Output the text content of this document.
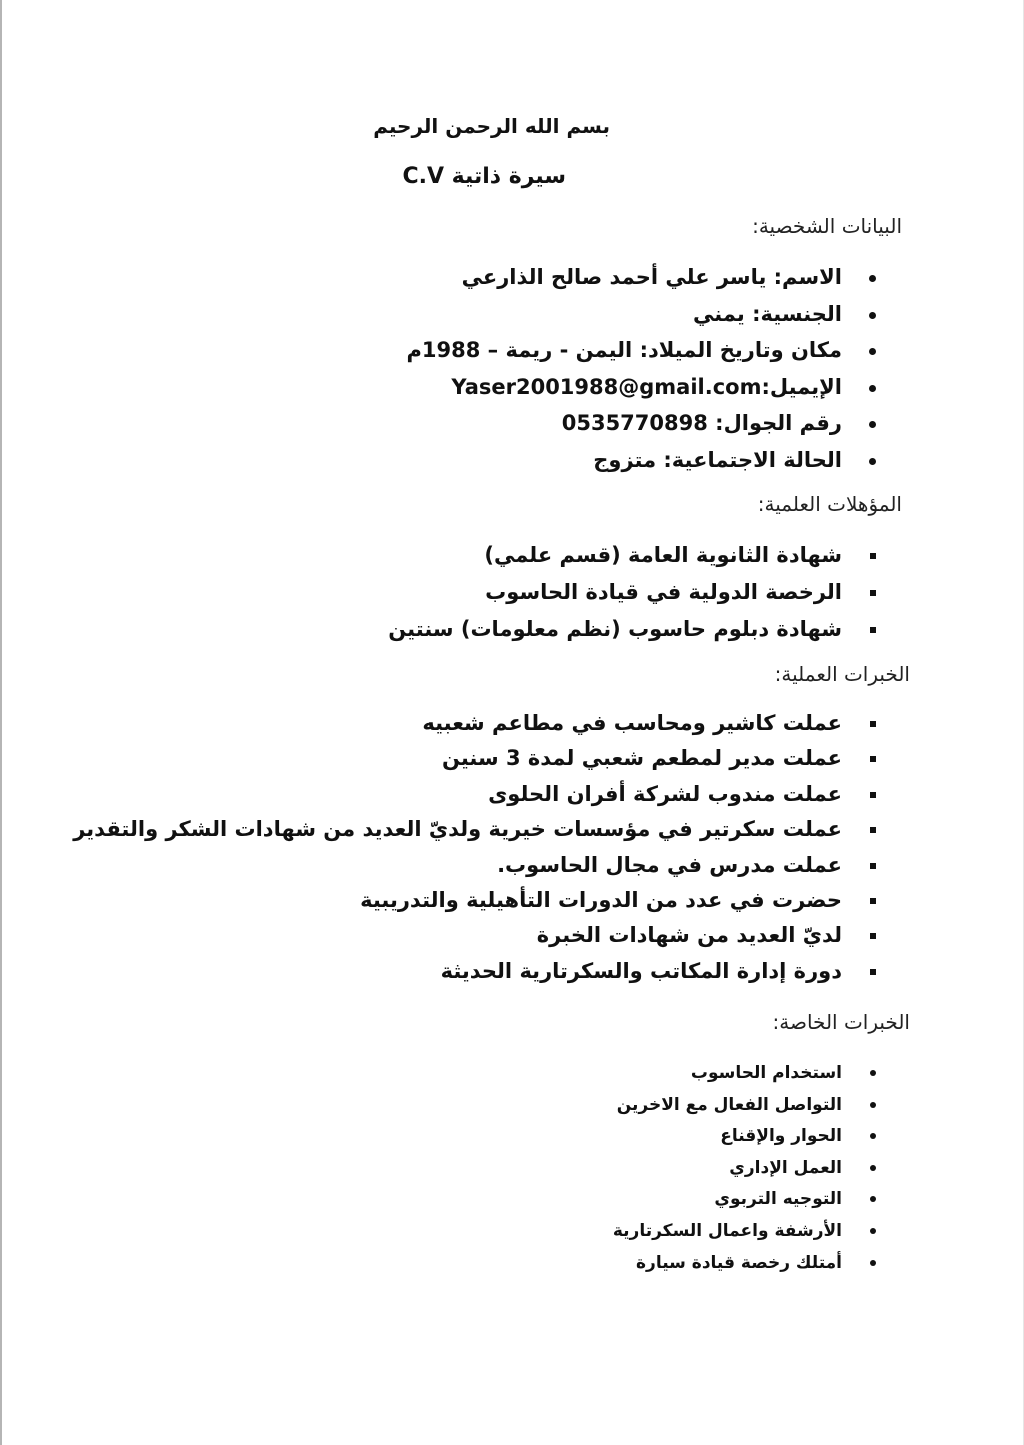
بسم الله الرحمن الرحيم
سيرة ذاتية C.V
البيانات الشخصية:
الاسم: ياسر علي أحمد صالح الذارعي
الجنسية: يمني
مكان وتاريخ الميلاد: اليمن - ريمة – 1988م
الإيميل:Yaser2001988@gmail.com
رقم الجوال: 0535770898
الحالة الاجتماعية: متزوج
المؤهلات العلمية:
شهادة الثانوية العامة (قسم علمي)
الرخصة الدولية في قيادة الحاسوب
شهادة دبلوم حاسوب (نظم معلومات) سنتين
الخبرات العملية:
عملت كاشير ومحاسب في مطاعم شعبيه
عملت مدير لمطعم شعبي لمدة 3 سنين
عملت مندوب لشركة أفران الحلوى
عملت سكرتير في مؤسسات خيرية ولديّ العديد من شهادات الشكر والتقدير
عملت مدرس في مجال الحاسوب.
حضرت في عدد من الدورات التأهيلية والتدريبية
لديّ العديد من شهادات الخبرة
دورة إدارة المكاتب والسكرتارية الحديثة
الخبرات الخاصة:
استخدام الحاسوب
التواصل الفعال مع الاخرين
الحوار والإقناع
العمل الإداري
التوجيه التربوي
الأرشفة واعمال السكرتارية
أمتلك رخصة قيادة سيارة
